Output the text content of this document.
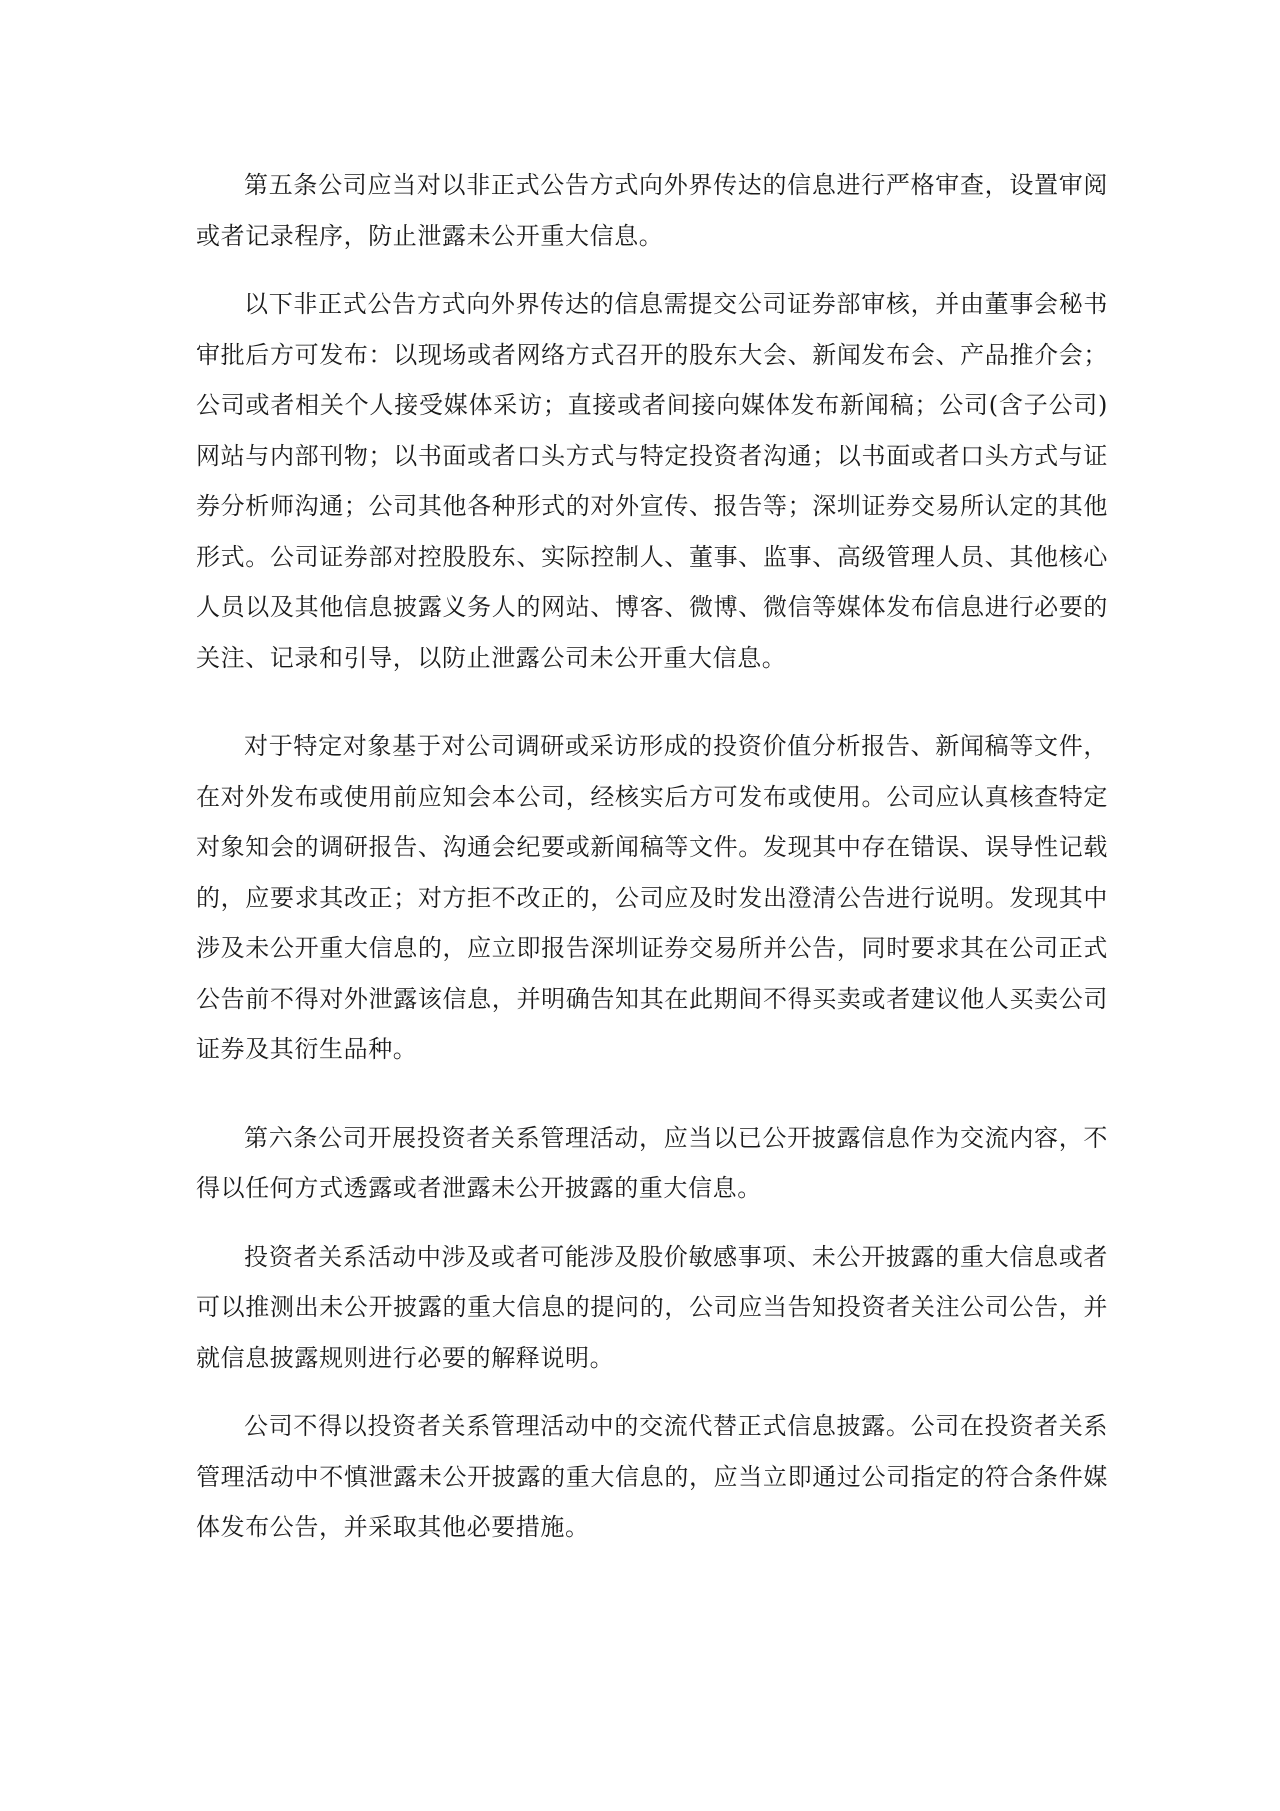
第五条公司应当对以非正式公告方式向外界传达的信息进行严格审查，设置审阅或者记录程序，防止泄露未公开重大信息。

以下非正式公告方式向外界传达的信息需提交公司证券部审核，并由董事会秘书审批后方可发布：以现场或者网络方式召开的股东大会、新闻发布会、产品推介会；公司或者相关个人接受媒体采访；直接或者间接向媒体发布新闻稿；公司(含子公司)网站与内部刊物；以书面或者口头方式与特定投资者沟通；以书面或者口头方式与证券分析师沟通；公司其他各种形式的对外宣传、报告等；深圳证券交易所认定的其他形式。公司证券部对控股股东、实际控制人、董事、监事、高级管理人员、其他核心人员以及其他信息披露义务人的网站、博客、微博、微信等媒体发布信息进行必要的关注、记录和引导，以防止泄露公司未公开重大信息。

对于特定对象基于对公司调研或采访形成的投资价值分析报告、新闻稿等文件，在对外发布或使用前应知会本公司，经核实后方可发布或使用。公司应认真核查特定对象知会的调研报告、沟通会纪要或新闻稿等文件。发现其中存在错误、误导性记载的，应要求其改正；对方拒不改正的，公司应及时发出澄清公告进行说明。发现其中涉及未公开重大信息的，应立即报告深圳证券交易所并公告，同时要求其在公司正式公告前不得对外泄露该信息，并明确告知其在此期间不得买卖或者建议他人买卖公司证券及其衍生品种。

第六条公司开展投资者关系管理活动，应当以已公开披露信息作为交流内容，不得以任何方式透露或者泄露未公开披露的重大信息。

投资者关系活动中涉及或者可能涉及股价敏感事项、未公开披露的重大信息或者可以推测出未公开披露的重大信息的提问的，公司应当告知投资者关注公司公告，并就信息披露规则进行必要的解释说明。

公司不得以投资者关系管理活动中的交流代替正式信息披露。公司在投资者关系管理活动中不慎泄露未公开披露的重大信息的，应当立即通过公司指定的符合条件媒体发布公告，并采取其他必要措施。
